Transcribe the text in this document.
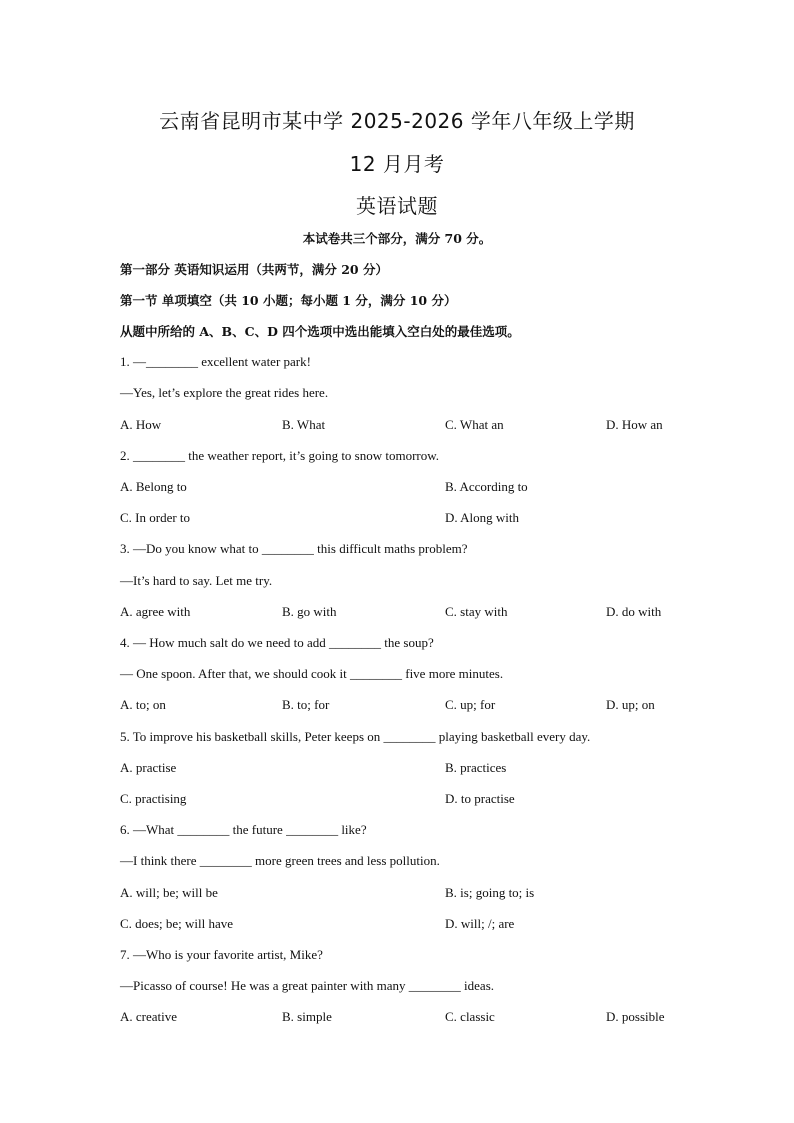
云南省昆明市某中学 2025-2026 学年八年级上学期
12 月月考
英语试题
本试卷共三个部分，满分 70 分。
第一部分 英语知识运用（共两节，满分 20 分）
第一节 单项填空（共 10 小题；每小题 1 分，满分 10 分）
从题中所给的 A、B、C、D 四个选项中选出能填入空白处的最佳选项。
1. —________ excellent water park!
—Yes, let’s explore the great rides here.
A. How	B. What	C. What an	D. How an
2. ________ the weather report, it’s going to snow tomorrow.
A. Belong to	B. According to
C. In order to	D. Along with
3. —Do you know what to ________ this difficult maths problem?
—It’s hard to say. Let me try.
A. agree with	B. go with	C. stay with	D. do with
4. — How much salt do we need to add ________ the soup?
— One spoon. After that, we should cook it ________ five more minutes.
A. to; on	B. to; for	C. up; for	D. up; on
5. To improve his basketball skills, Peter keeps on ________ playing basketball every day.
A. practise	B. practices
C. practising	D. to practise
6. —What ________ the future ________ like?
—I think there ________ more green trees and less pollution.
A. will; be; will be	B. is; going to; is
C. does; be; will have	D. will; /; are
7. —Who is your favorite artist, Mike?
—Picasso of course! He was a great painter with many ________ ideas.
A. creative	B. simple	C. classic	D. possible
